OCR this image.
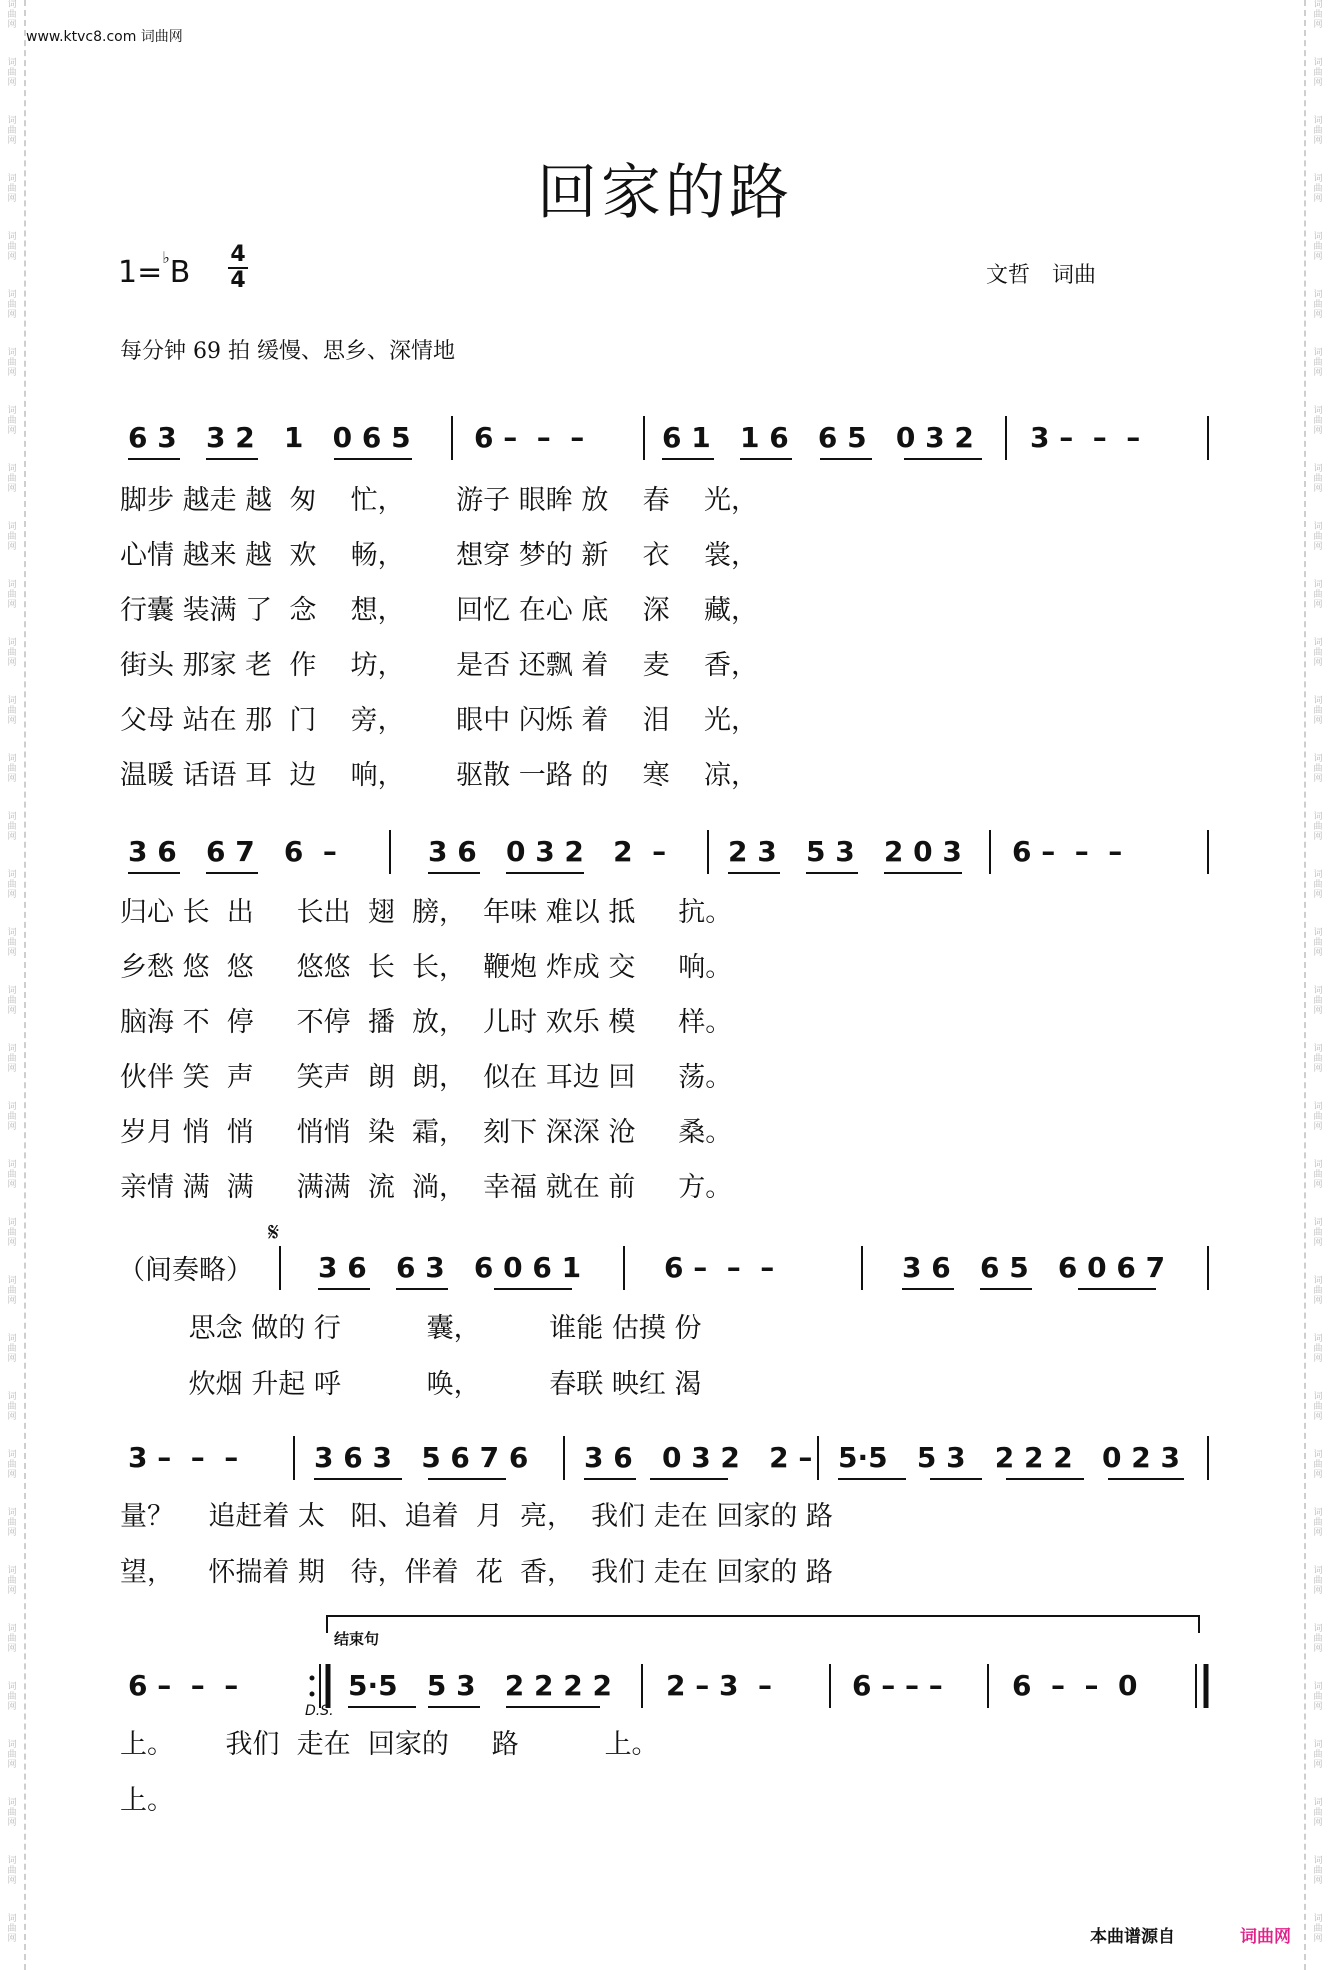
词
曲
网
词
曲
网
词
曲
网
词
曲
网
词
曲
网
词
曲
网
词
曲
网
词
曲
网
词
曲
网
词
曲
网
词
曲
网
词
曲
网
词
曲
网
词
曲
网
词
曲
网
词
曲
网
词
曲
网
词
曲
网
词
曲
网
词
曲
网
词
曲
网
词
曲
网
词
曲
网
词
曲
网
词
曲
网
词
曲
网
词
曲
网
词
曲
网
词
曲
网
词
曲
网
词
曲
网
词
曲
网
词
曲
网
词
曲
网
词
曲
网
词
曲
网
词
曲
网
词
曲
网
词
曲
网
词
曲
网
词
曲
网
词
曲
网
词
曲
网
词
曲
网
词
曲
网
词
曲
网
词
曲
网
词
曲
网
词
曲
网
词
曲
网
词
曲
网
词
曲
网
词
曲
网
词
曲
网
词
曲
网
词
曲
网
词
曲
网
词
曲
网
词
曲
网
词
曲
网
词
曲
网
词
曲
网
词
曲
网
词
曲
网
词
曲
网
词
曲
网
词
曲
网
词
曲
网
www.ktvc8.com 词曲网
回家的路
1=♭B
4
4	文哲　词曲
每分钟 69 拍 缓慢、思乡、深情地
6 3   3 2   1   0 6 5 6 –  –  –	6 1   1 6   6 5   0 3 2 3 –  –  –
脚步 越走 越  匆    忙，      游子 眼眸 放    春    光，
心情 越来 越  欢    畅，      想穿 梦的 新    衣    裳，
行囊 装满 了  念    想，      回忆 在心 底    深    藏，
街头 那家 老  作    坊，      是否 还飘 着    麦    香，
父母 站在 那  门    旁，      眼中 闪烁 着    泪    光，
温暖 话语 耳  边    响，      驱散 一路 的    寒    凉，
3 6   6 7   6  –	3 6   0 3 2   2  – 2 3   5 3   2 0 3 6 –  –  –
归心 长  出     长出  翅  膀，  年味 难以 抵     抗。
乡愁 悠  悠     悠悠  长  长，  鞭炮 炸成 交     响。
脑海 不  停     不停  播  放，  儿时 欢乐 模     样。
伙伴 笑  声     笑声  朗  朗，  似在 耳边 回     荡。
岁月 悄  悄     悄悄  染  霜，  刻下 深深 沧     桑。
亲情 满  满     满满  流  淌，  幸福 就在 前     方。
𝄋
（间奏略） 3 6   6 3   6 0 6 1	6 –  –  –	3 6   6 5   6 0 6 7
思念 做的 行          囊，        谁能 估摸 份
炊烟 升起 呼          唤，        春联 映红 渴
3 –  –  –	3 6 3   5 6 7 6 3 6   0 3 2   2 – 5·5   5 3   2 2 2   0 2 3
量？    追赶着 太   阳、追着  月  亮，  我们 走在 回家的 路
望，    怀揣着 期   待，伴着  花  香，  我们 走在 回家的 路
结束句
6 –  –  –	5·5   5 3   2 2 2 2 2 – 3  –	6 – – – 6  –  –  0
D.S.
上。      我们  走在  回家的     路          上。
上。
本曲谱源自	词曲网
